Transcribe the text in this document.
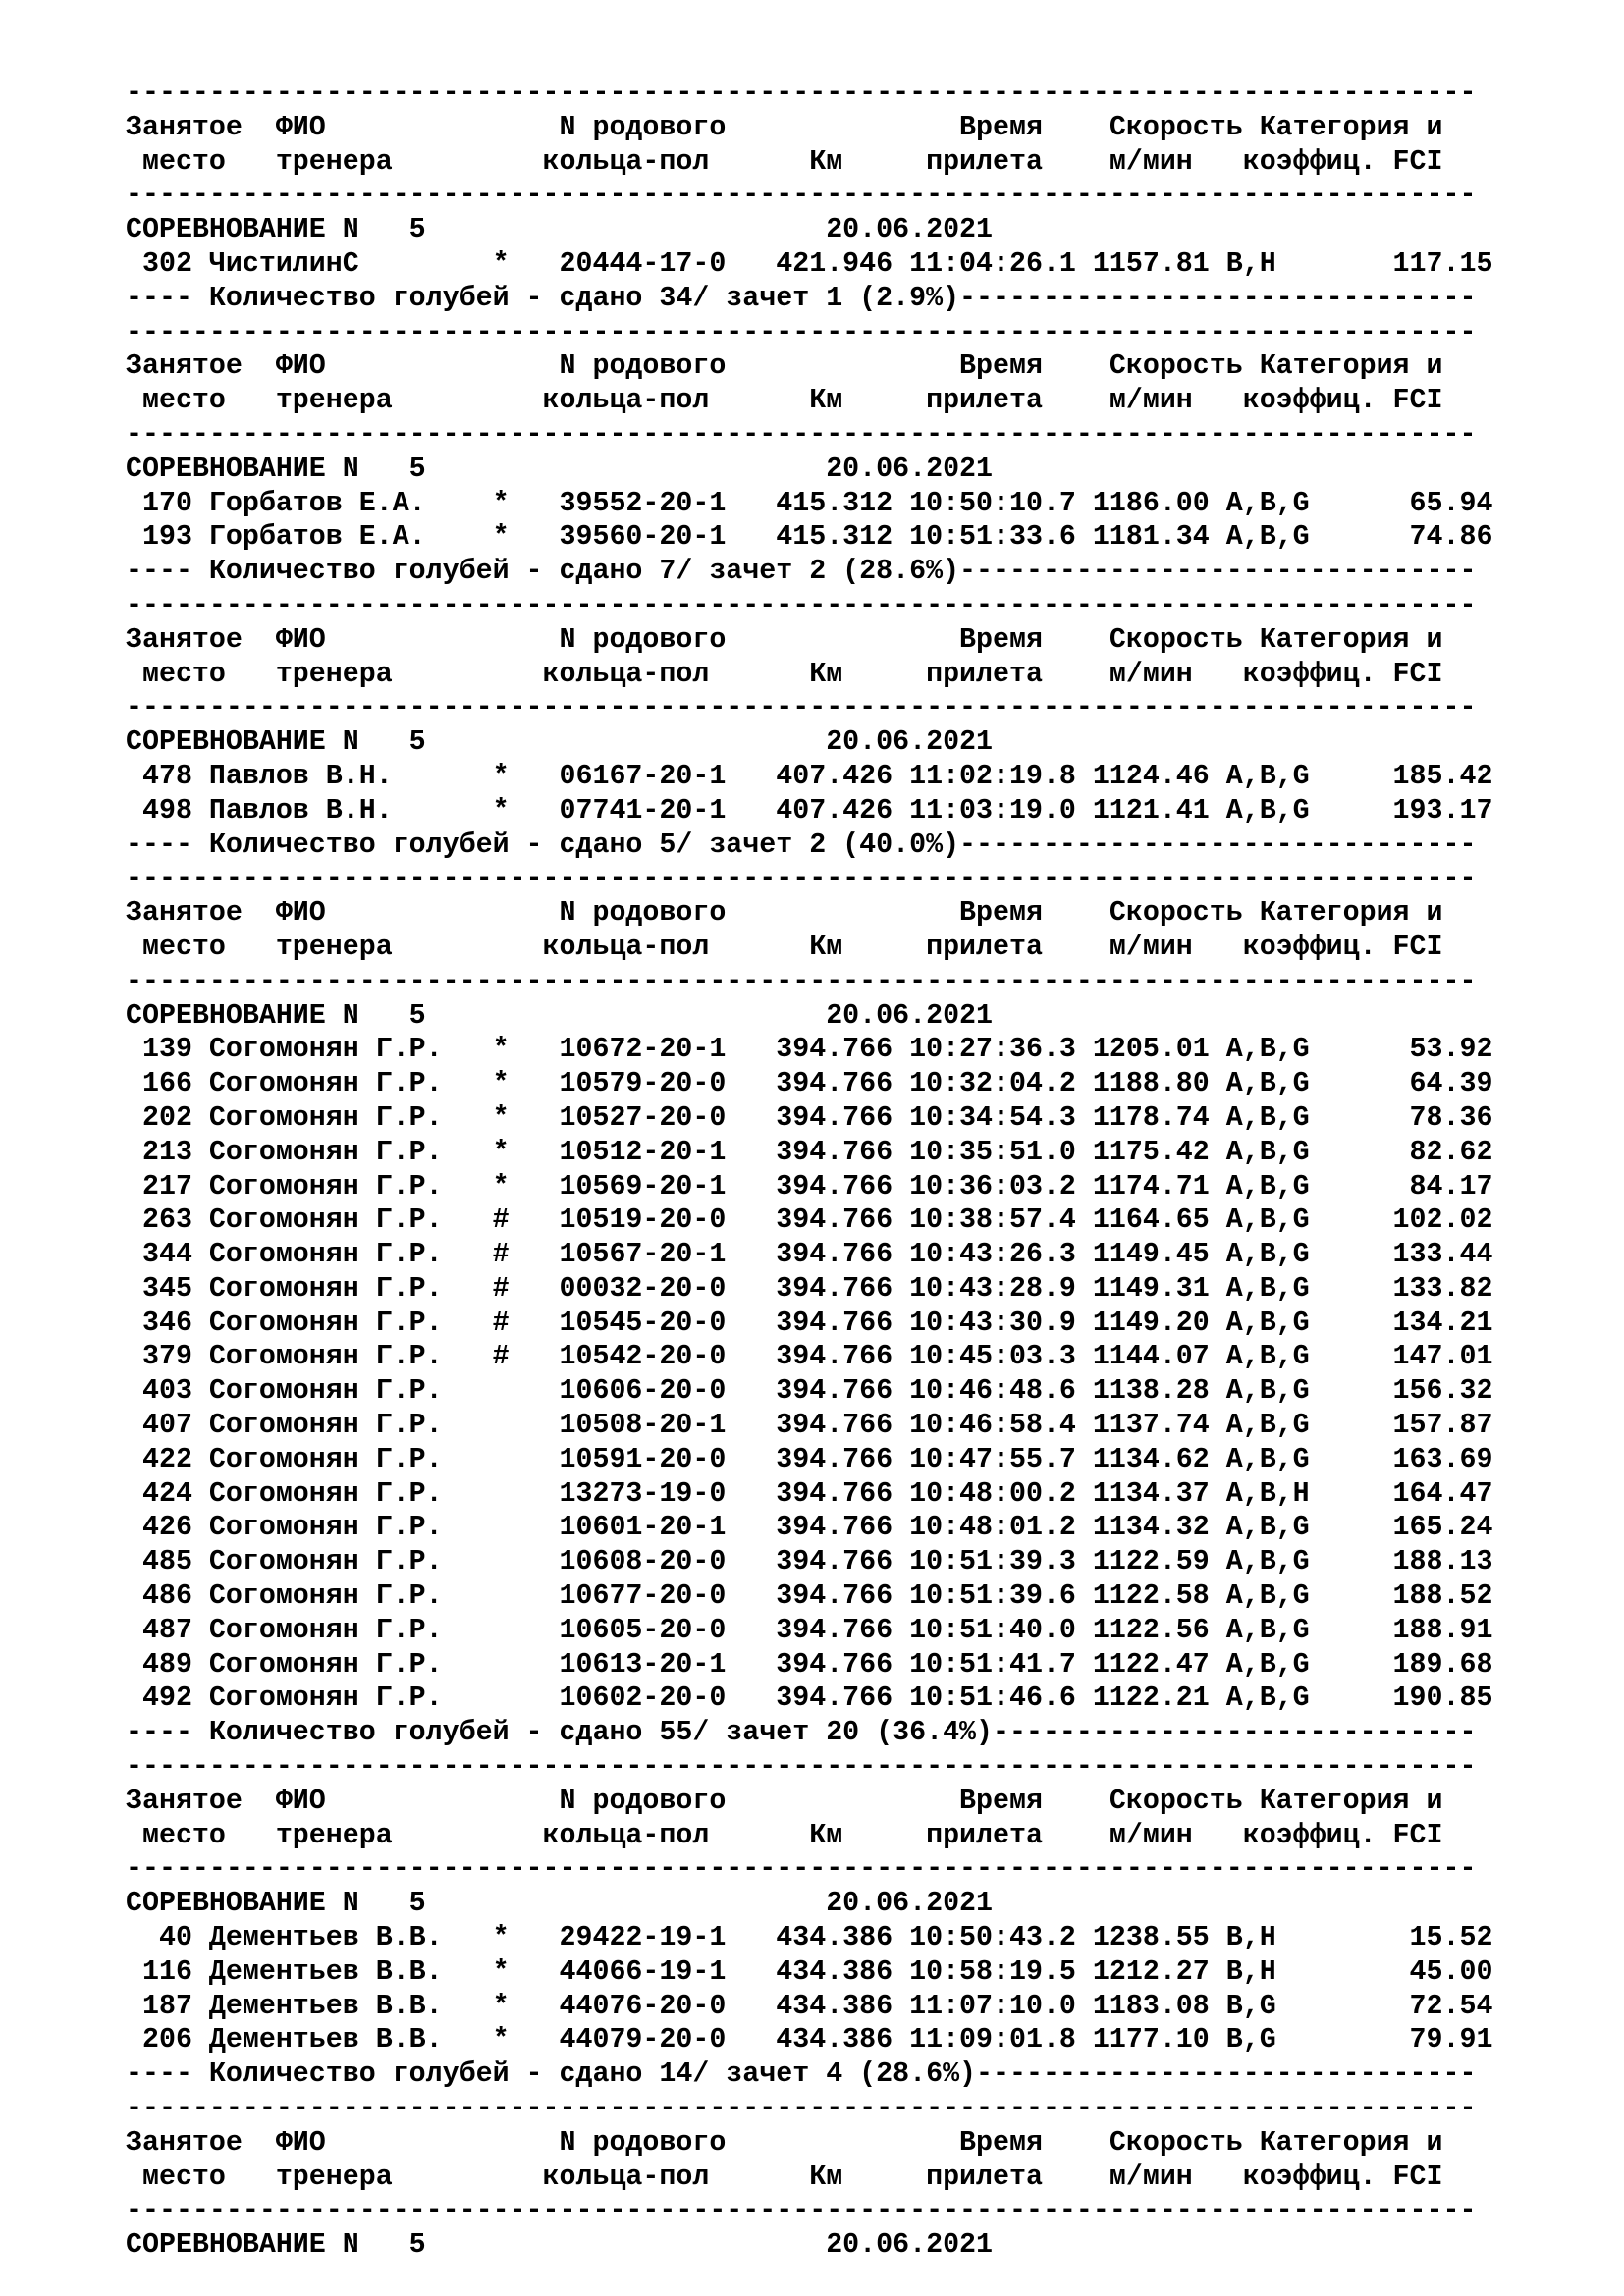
---------------------------------------------------------------------------------
Занятое  ФИО              N родового              Время    Скорость Категория и
место   тренера         кольца-пол      Км     прилета    м/мин   коэффиц. FCI
---------------------------------------------------------------------------------
СОРЕВНОВАНИЕ N   5                        20.06.2021
302 ЧистилинС        *   20444-17-0   421.946 11:04:26.1 1157.81 B,H       117.15
---- Количество голубей - сдано 34/ зачет 1 (2.9%)-------------------------------
---------------------------------------------------------------------------------
Занятое  ФИО              N родового              Время    Скорость Категория и
место   тренера         кольца-пол      Км     прилета    м/мин   коэффиц. FCI
---------------------------------------------------------------------------------
СОРЕВНОВАНИЕ N   5                        20.06.2021
170 Горбатов Е.А.    *   39552-20-1   415.312 10:50:10.7 1186.00 A,B,G      65.94
193 Горбатов Е.А.    *   39560-20-1   415.312 10:51:33.6 1181.34 A,B,G      74.86
---- Количество голубей - сдано 7/ зачет 2 (28.6%)-------------------------------
---------------------------------------------------------------------------------
Занятое  ФИО              N родового              Время    Скорость Категория и
место   тренера         кольца-пол      Км     прилета    м/мин   коэффиц. FCI
---------------------------------------------------------------------------------
СОРЕВНОВАНИЕ N   5                        20.06.2021
478 Павлов В.Н.      *   06167-20-1   407.426 11:02:19.8 1124.46 A,B,G     185.42
498 Павлов В.Н.      *   07741-20-1   407.426 11:03:19.0 1121.41 A,B,G     193.17
---- Количество голубей - сдано 5/ зачет 2 (40.0%)-------------------------------
---------------------------------------------------------------------------------
Занятое  ФИО              N родового              Время    Скорость Категория и
место   тренера         кольца-пол      Км     прилета    м/мин   коэффиц. FCI
---------------------------------------------------------------------------------
СОРЕВНОВАНИЕ N   5                        20.06.2021
139 Согомонян Г.Р.   *   10672-20-1   394.766 10:27:36.3 1205.01 A,B,G      53.92
166 Согомонян Г.Р.   *   10579-20-0   394.766 10:32:04.2 1188.80 A,B,G      64.39
202 Согомонян Г.Р.   *   10527-20-0   394.766 10:34:54.3 1178.74 A,B,G      78.36
213 Согомонян Г.Р.   *   10512-20-1   394.766 10:35:51.0 1175.42 A,B,G      82.62
217 Согомонян Г.Р.   *   10569-20-1   394.766 10:36:03.2 1174.71 A,B,G      84.17
263 Согомонян Г.Р.   #   10519-20-0   394.766 10:38:57.4 1164.65 A,B,G     102.02
344 Согомонян Г.Р.   #   10567-20-1   394.766 10:43:26.3 1149.45 A,B,G     133.44
345 Согомонян Г.Р.   #   00032-20-0   394.766 10:43:28.9 1149.31 A,B,G     133.82
346 Согомонян Г.Р.   #   10545-20-0   394.766 10:43:30.9 1149.20 A,B,G     134.21
379 Согомонян Г.Р.   #   10542-20-0   394.766 10:45:03.3 1144.07 A,B,G     147.01
403 Согомонян Г.Р.       10606-20-0   394.766 10:46:48.6 1138.28 A,B,G     156.32
407 Согомонян Г.Р.       10508-20-1   394.766 10:46:58.4 1137.74 A,B,G     157.87
422 Согомонян Г.Р.       10591-20-0   394.766 10:47:55.7 1134.62 A,B,G     163.69
424 Согомонян Г.Р.       13273-19-0   394.766 10:48:00.2 1134.37 A,B,H     164.47
426 Согомонян Г.Р.       10601-20-1   394.766 10:48:01.2 1134.32 A,B,G     165.24
485 Согомонян Г.Р.       10608-20-0   394.766 10:51:39.3 1122.59 A,B,G     188.13
486 Согомонян Г.Р.       10677-20-0   394.766 10:51:39.6 1122.58 A,B,G     188.52
487 Согомонян Г.Р.       10605-20-0   394.766 10:51:40.0 1122.56 A,B,G     188.91
489 Согомонян Г.Р.       10613-20-1   394.766 10:51:41.7 1122.47 A,B,G     189.68
492 Согомонян Г.Р.       10602-20-0   394.766 10:51:46.6 1122.21 A,B,G     190.85
---- Количество голубей - сдано 55/ зачет 20 (36.4%)-----------------------------
---------------------------------------------------------------------------------
Занятое  ФИО              N родового              Время    Скорость Категория и
место   тренера         кольца-пол      Км     прилета    м/мин   коэффиц. FCI
---------------------------------------------------------------------------------
СОРЕВНОВАНИЕ N   5                        20.06.2021
40 Дементьев В.В.   *   29422-19-1   434.386 10:50:43.2 1238.55 B,H        15.52
116 Дементьев В.В.   *   44066-19-1   434.386 10:58:19.5 1212.27 B,H        45.00
187 Дементьев В.В.   *   44076-20-0   434.386 11:07:10.0 1183.08 B,G        72.54
206 Дементьев В.В.   *   44079-20-0   434.386 11:09:01.8 1177.10 B,G        79.91
---- Количество голубей - сдано 14/ зачет 4 (28.6%)------------------------------
---------------------------------------------------------------------------------
Занятое  ФИО              N родового              Время    Скорость Категория и
место   тренера         кольца-пол      Км     прилета    м/мин   коэффиц. FCI
---------------------------------------------------------------------------------
СОРЕВНОВАНИЕ N   5                        20.06.2021
